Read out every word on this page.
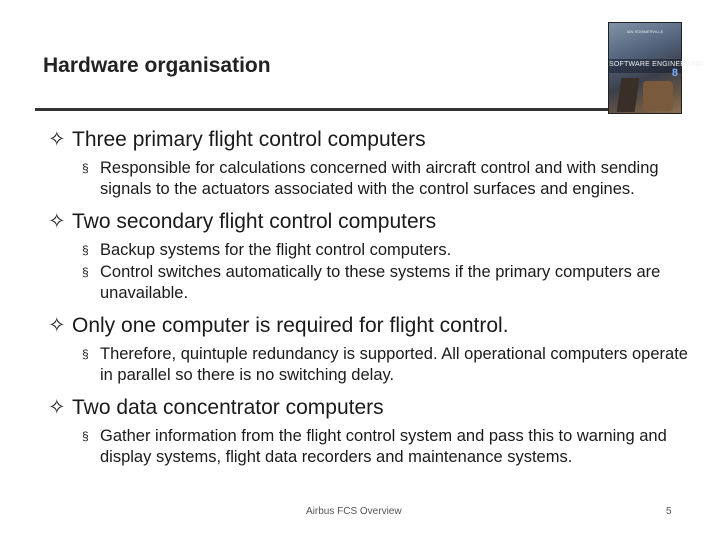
Hardware organisation
IAN SOMMERVILLE
SOFTWARE ENGINEERING
8
✧ Three primary flight control computers
§ Responsible for calculations concerned with aircraft control and with sending signals to the actuators associated with the control surfaces and engines.
✧ Two secondary flight control computers
§ Backup systems for the flight control computers.
§ Control switches automatically to these systems if the primary computers are unavailable.
✧ Only one computer is required for flight control.
§ Therefore, quintuple redundancy is supported. All operational computers operate in parallel so there is no switching delay.
✧ Two data concentrator computers
§ Gather information from the flight control system and pass this to warning and display systems, flight data recorders and maintenance systems.
Airbus FCS Overview	5
